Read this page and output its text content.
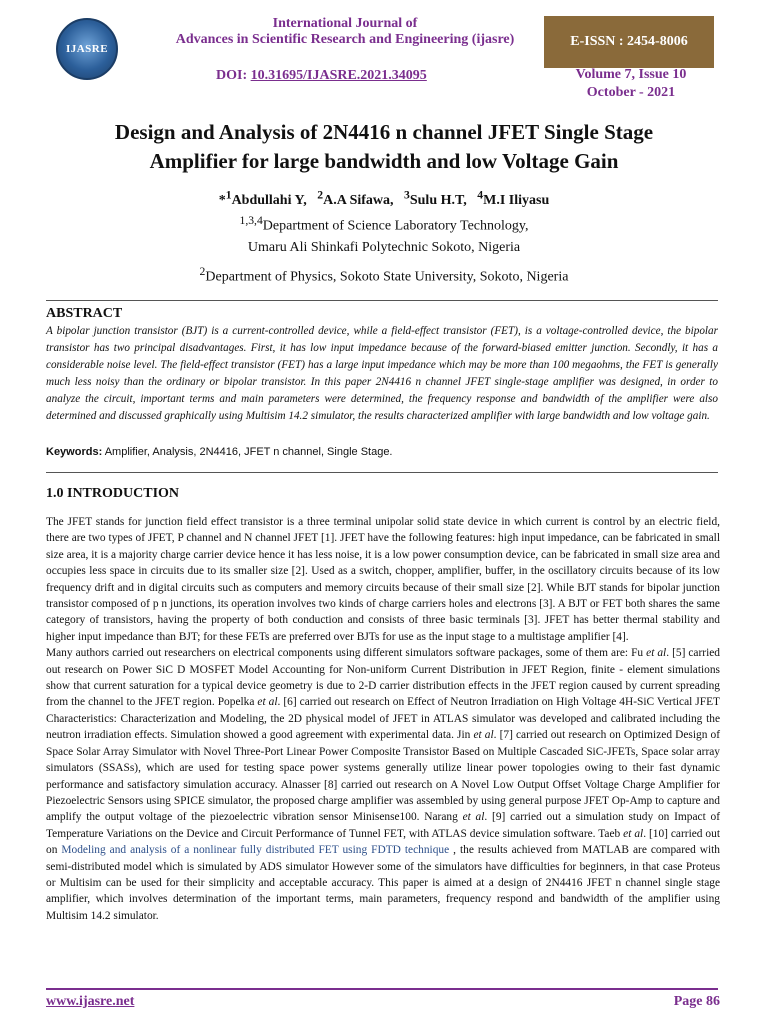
IJASRE
International Journal of
Advances in Scientific Research and Engineering (ijasre)	E-ISSN : 2454-8006
DOI: 10.31695/IJASRE.2021.34095	Volume 7, Issue 10
October - 2021
Design and Analysis of 2N4416 n channel JFET Single Stage
Amplifier for large bandwidth and low Voltage Gain
*$^1$Abdullahi Y, $^2$A.A Sifawa, $^3$Sulu H.T, $^4$M.I Iliyasu
$^{1,3,4}$Department of Science Laboratory Technology,
Umaru Ali Shinkafi Polytechnic Sokoto, Nigeria
$^2$Department of Physics, Sokoto State University, Sokoto, Nigeria
ABSTRACT
A bipolar junction transistor (BJT) is a current-controlled device, while a field-effect transistor (FET), is a voltage-controlled device, the bipolar transistor has two principal disadvantages. First, it has low input impedance because of the forward-biased emitter junction. Secondly, it has a considerable noise level. The field-effect transistor (FET) has a large input impedance which may be more than 100 megaohms, the FET is generally much less noisy than the ordinary or bipolar transistor. In this paper 2N4416 n channel JFET single-stage amplifier was designed, in order to analyze the circuit, important terms and main parameters were determined, the frequency response and bandwidth of the amplifier were also determined and discussed graphically using Multisim 14.2 simulator, the results characterized amplifier with large bandwidth and low voltage gain.
Keywords: Amplifier, Analysis, 2N4416, JFET n channel, Single Stage.
1.0 INTRODUCTION

The JFET stands for junction field effect transistor is a three terminal unipolar solid state device in which current is control by an electric field, there are two types of JFET, P channel and N channel JFET [1]. JFET have the following features: high input impedance, can be fabricated in small size area, it is a majority charge carrier device hence it has less noise, it is a low power consumption device, can be fabricated in small size area and occupies less space in circuits due to its smaller size [2]. Used as a switch, chopper, amplifier, buffer, in the oscillatory circuits because of its low frequency drift and in digital circuits such as computers and memory circuits because of their small size [2]. While BJT stands for bipolar junction transistor composed of p n junctions, its operation involves two kinds of charge carriers holes and electrons [3]. A BJT or FET both shares the same category of transistors, having the property of both conduction and consists of three basic terminals [3]. JFET has better thermal stability and higher input impedance than BJT; for these FETs are preferred over BJTs for use as the input stage to a multistage amplifier [4].

Many authors carried out researchers on electrical components using different simulators software packages, some of them are: Fu et al. [5] carried out research on Power SiC D MOSFET Model Accounting for Non-uniform Current Distribution in JFET Region, finite - element simulations show that current saturation for a typical device geometry is due to 2-D carrier distribution effects in the JFET region caused by current spreading from the channel to the JFET region. Popelka et al. [6] carried out research on Effect of Neutron Irradiation on High Voltage 4H-SiC Vertical JFET Characteristics: Characterization and Modeling, the 2D physical model of JFET in ATLAS simulator was developed and calibrated including the neutron irradiation effects. Simulation showed a good agreement with experimental data. Jin et al. [7] carried out research on Optimized Design of Space Solar Array Simulator with Novel Three-Port Linear Power Composite Transistor Based on Multiple Cascaded SiC-JFETs, Space solar array simulators (SSASs), which are used for testing space power systems generally utilize linear power topologies owing to their fast dynamic performance and satisfactory simulation accuracy. Alnasser [8] carried out research on A Novel Low Output Offset Voltage Charge Amplifier for Piezoelectric Sensors using SPICE simulator, the proposed charge amplifier was assembled by using general purpose JFET Op-Amp to capture and amplify the output voltage of the piezoelectric vibration sensor Minisense100. Narang et al. [9] carried out a simulation study on Impact of Temperature Variations on the Device and Circuit Performance of Tunnel FET, with ATLAS device simulation software. Taeb et al. [10] carried out on Modeling and analysis of a nonlinear fully distributed FET using FDTD technique , the results achieved from MATLAB are compared with semi-distributed model which is simulated by ADS simulator However some of the simulators have difficulties for beginners, in that case Proteus or Multisim can be used for their simplicity and acceptable accuracy. This paper is aimed at a design of 2N4416 JFET n channel single stage amplifier, which involves determination of the important terms, main parameters, frequency respond and bandwidth of the amplifier using Multisim 14.2 simulator.

www.ijasre.net	Page 86
